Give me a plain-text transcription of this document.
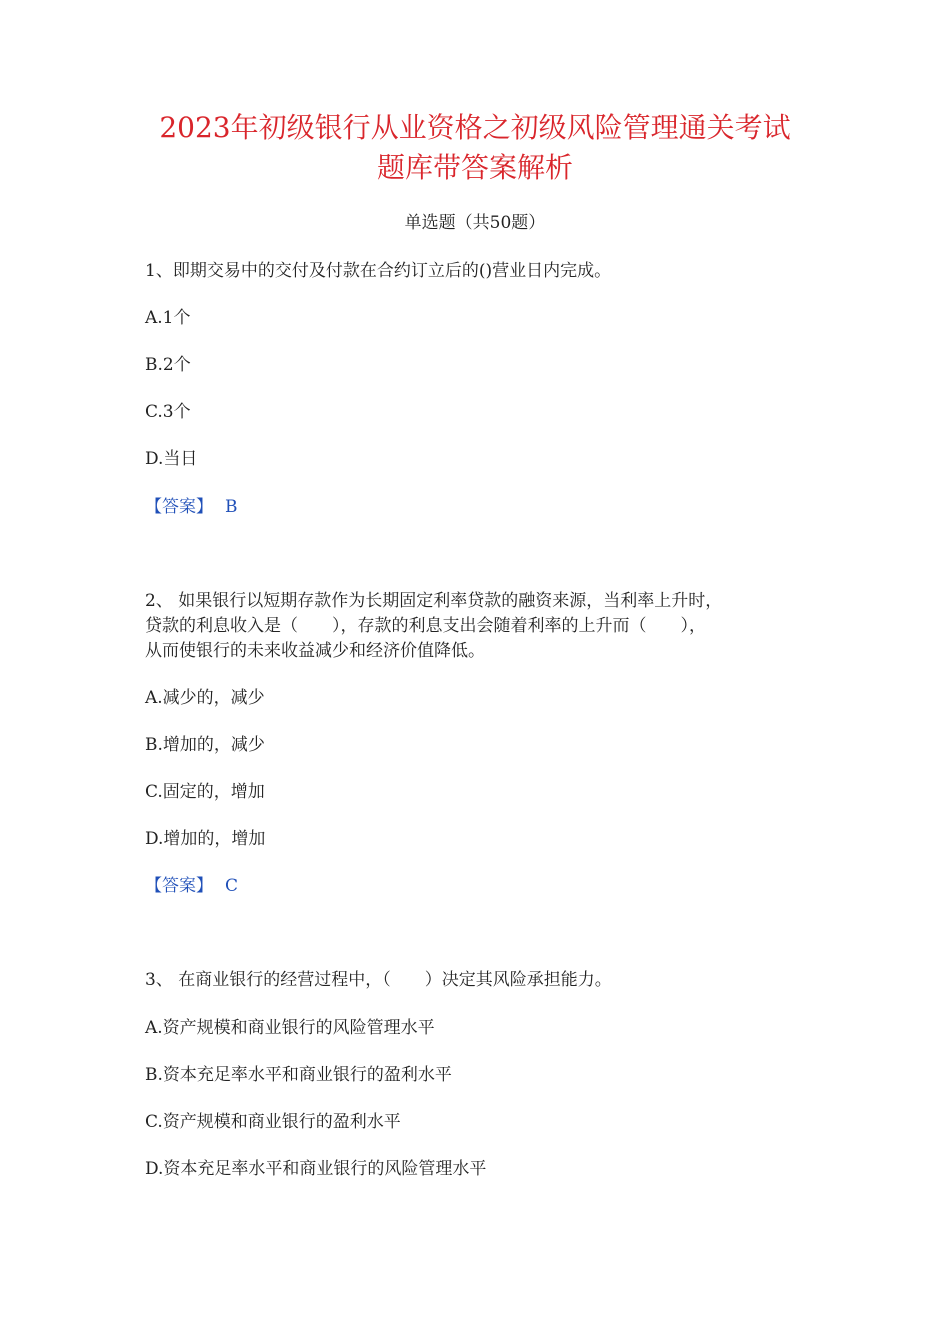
2023年初级银行从业资格之初级风险管理通关考试
题库带答案解析
单选题（共50题）
1、即期交易中的交付及付款在合约订立后的()营业日内完成。
A.1个
B.2个
C.3个
D.当日
【答案】 B
2、 如果银行以短期存款作为长期固定利率贷款的融资来源，当利率上升时，
贷款的利息收入是（　　），存款的利息支出会随着利率的上升而（　　），
从而使银行的未来收益减少和经济价值降低。
A.减少的，减少
B.增加的，减少
C.固定的，增加
D.增加的，增加
【答案】 C
3、 在商业银行的经营过程中，（　　）决定其风险承担能力。
A.资产规模和商业银行的风险管理水平
B.资本充足率水平和商业银行的盈利水平
C.资产规模和商业银行的盈利水平
D.资本充足率水平和商业银行的风险管理水平
